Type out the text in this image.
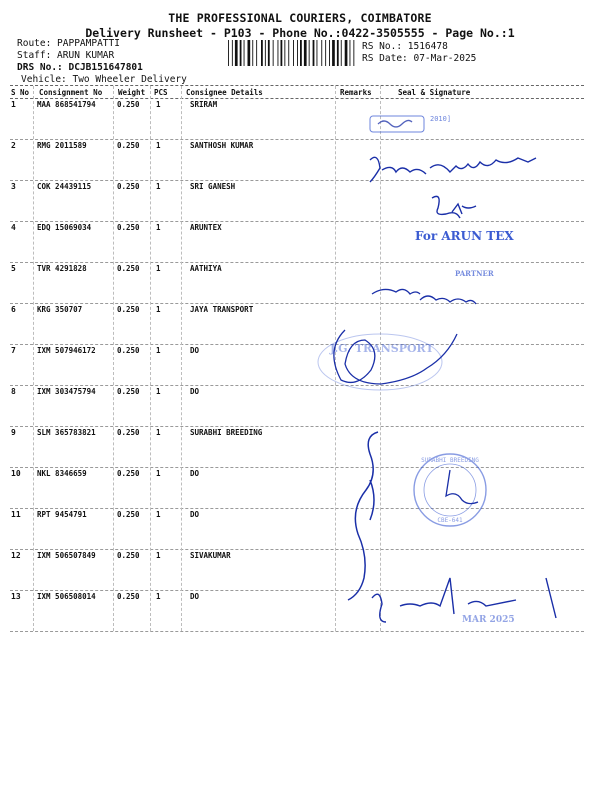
THE PROFESSIONAL COURIERS, COIMBATORE
Delivery Runsheet - P103 - Phone No.:0422-3505555 - Page No.:1
Route: PAPPAMPATTI
Staff: ARUN KUMAR
DRS No.: DCJB151647801
Vehicle: Two Wheeler Delivery
RS No.: 1516478
RS Date: 07-Mar-2025
S No Consignment No Weight PCS Consignee Details	Remarks	Seal & Signature
1	MAA 868541794	0.250 1	SRIRAM
2	RMG 2011589	0.250 1	SANTHOSH KUMAR
3	COK 24439115	0.250 1	SRI GANESH
4	EDQ 15069034	0.250 1	ARUNTEX
5	TVR 4291828	0.250 1	AATHIYA
6	KRG 350707	0.250 1	JAYA TRANSPORT
7	IXM 507946172	0.250 1	DO
8	IXM 303475794	0.250 1	DO
9	SLM 365783821	0.250 1	SURABHI BREEDING
10 NKL 8346659	0.250 1	DO
11 RPT 9454791	0.250 1	DO
12 IXM 506507849	0.250 1	SIVAKUMAR
13 IXM 506508014	0.250 1	DO
2010]
For ARUN TEX
PARTNER
J.G. TRANSPORT
SURABHI BREEDING
CBE-641
MAR 2025
